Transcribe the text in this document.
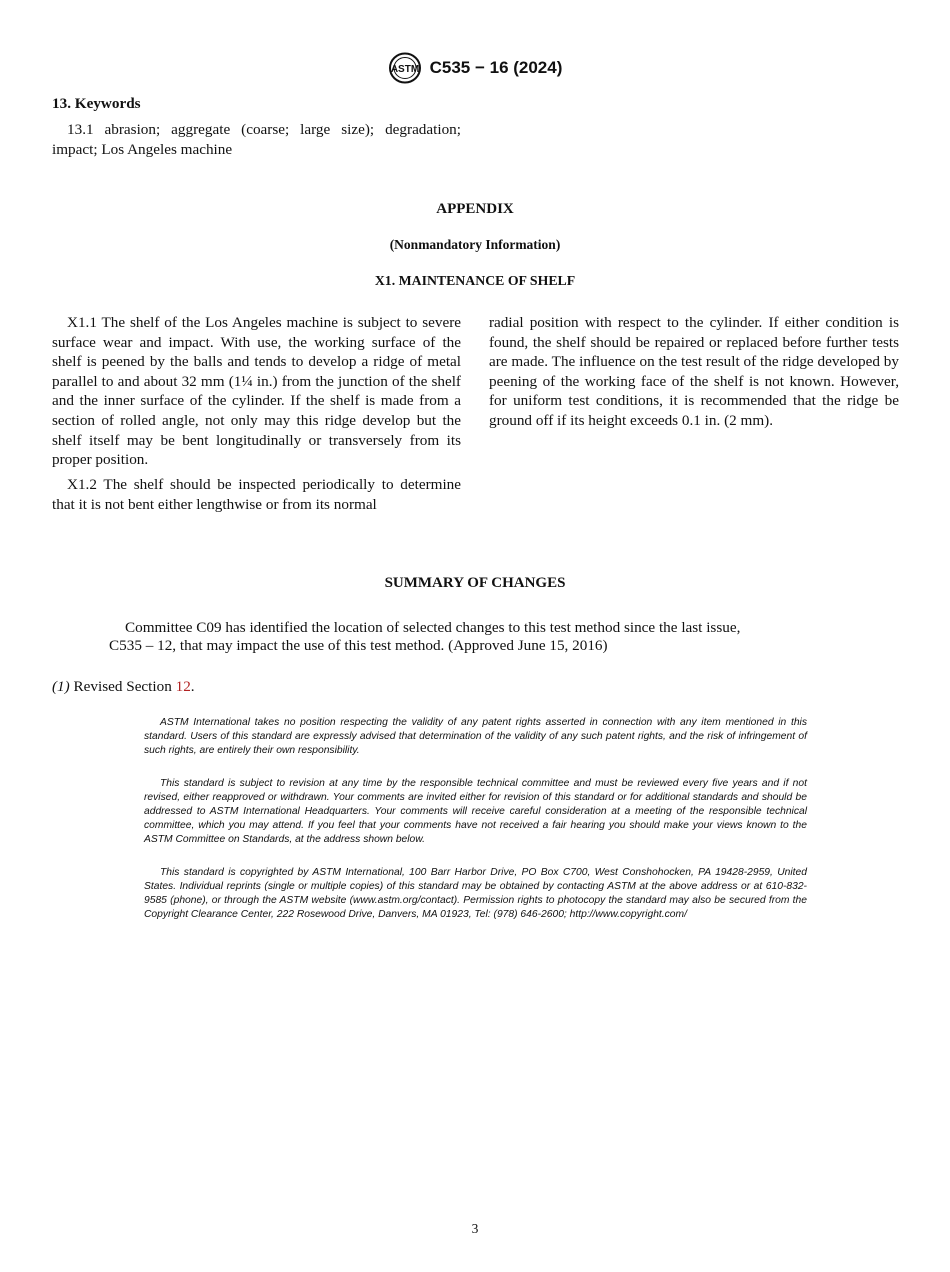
ASTM C535 − 16 (2024)
13. Keywords
13.1 abrasion; aggregate (coarse; large size); degradation; impact; Los Angeles machine
APPENDIX
(Nonmandatory Information)
X1. MAINTENANCE OF SHELF
X1.1 The shelf of the Los Angeles machine is subject to severe surface wear and impact. With use, the working surface of the shelf is peened by the balls and tends to develop a ridge of metal parallel to and about 32 mm (1¼ in.) from the junction of the shelf and the inner surface of the cylinder. If the shelf is made from a section of rolled angle, not only may this ridge develop but the shelf itself may be bent longitudinally or transversely from its proper position.
X1.2 The shelf should be inspected periodically to determine that it is not bent either lengthwise or from its normal
radial position with respect to the cylinder. If either condition is found, the shelf should be repaired or replaced before further tests are made. The influence on the test result of the ridge developed by peening of the working face of the shelf is not known. However, for uniform test conditions, it is recommended that the ridge be ground off if its height exceeds 0.1 in. (2 mm).
SUMMARY OF CHANGES
Committee C09 has identified the location of selected changes to this test method since the last issue,
C535 – 12, that may impact the use of this test method. (Approved June 15, 2016)
(1) Revised Section 12.

ASTM International takes no position respecting the validity of any patent rights asserted in connection with any item mentioned in this standard. Users of this standard are expressly advised that determination of the validity of any such patent rights, and the risk of infringement of such rights, are entirely their own responsibility.

This standard is subject to revision at any time by the responsible technical committee and must be reviewed every five years and if not revised, either reapproved or withdrawn. Your comments are invited either for revision of this standard or for additional standards and should be addressed to ASTM International Headquarters. Your comments will receive careful consideration at a meeting of the responsible technical committee, which you may attend. If you feel that your comments have not received a fair hearing you should make your views known to the ASTM Committee on Standards, at the address shown below.

This standard is copyrighted by ASTM International, 100 Barr Harbor Drive, PO Box C700, West Conshohocken, PA 19428-2959, United States. Individual reprints (single or multiple copies) of this standard may be obtained by contacting ASTM at the above address or at 610-832-9585 (phone), or through the ASTM website (www.astm.org/contact). Permission rights to photocopy the standard may also be secured from the Copyright Clearance Center, 222 Rosewood Drive, Danvers, MA 01923, Tel: (978) 646-2600; http://www.copyright.com/

3
